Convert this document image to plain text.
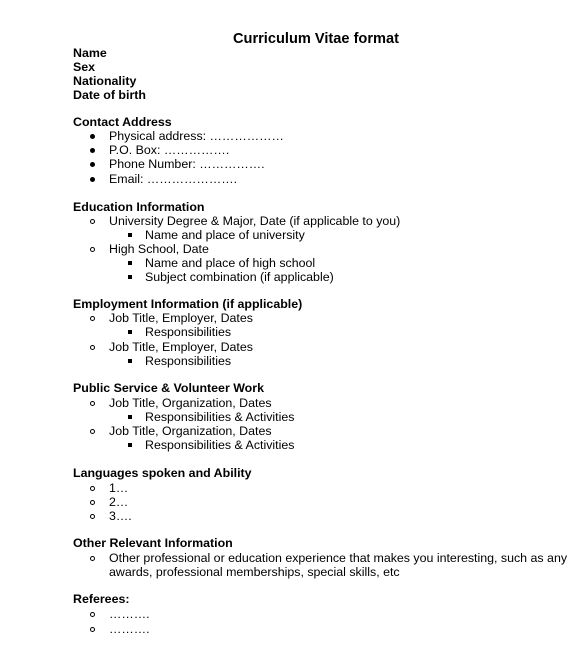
Curriculum Vitae format
Name
Sex
Nationality
Date of birth
Contact Address
Physical address: ………………
P.O. Box: …………….
Phone Number: …………….
Email: ………………….
Education Information
University Degree & Major, Date (if applicable to you)
Name and place of university
High School, Date
Name and place of high school
Subject combination (if applicable)
Employment Information (if applicable)
Job Title, Employer, Dates
Responsibilities
Job Title, Employer, Dates
Responsibilities
Public Service & Volunteer Work
Job Title, Organization, Dates
Responsibilities & Activities
Job Title, Organization, Dates
Responsibilities & Activities
Languages spoken and Ability
1…
2…
3….
Other Relevant Information
Other professional or education experience that makes you interesting, such as any
awards, professional memberships, special skills, etc
Referees:
……….
……….
